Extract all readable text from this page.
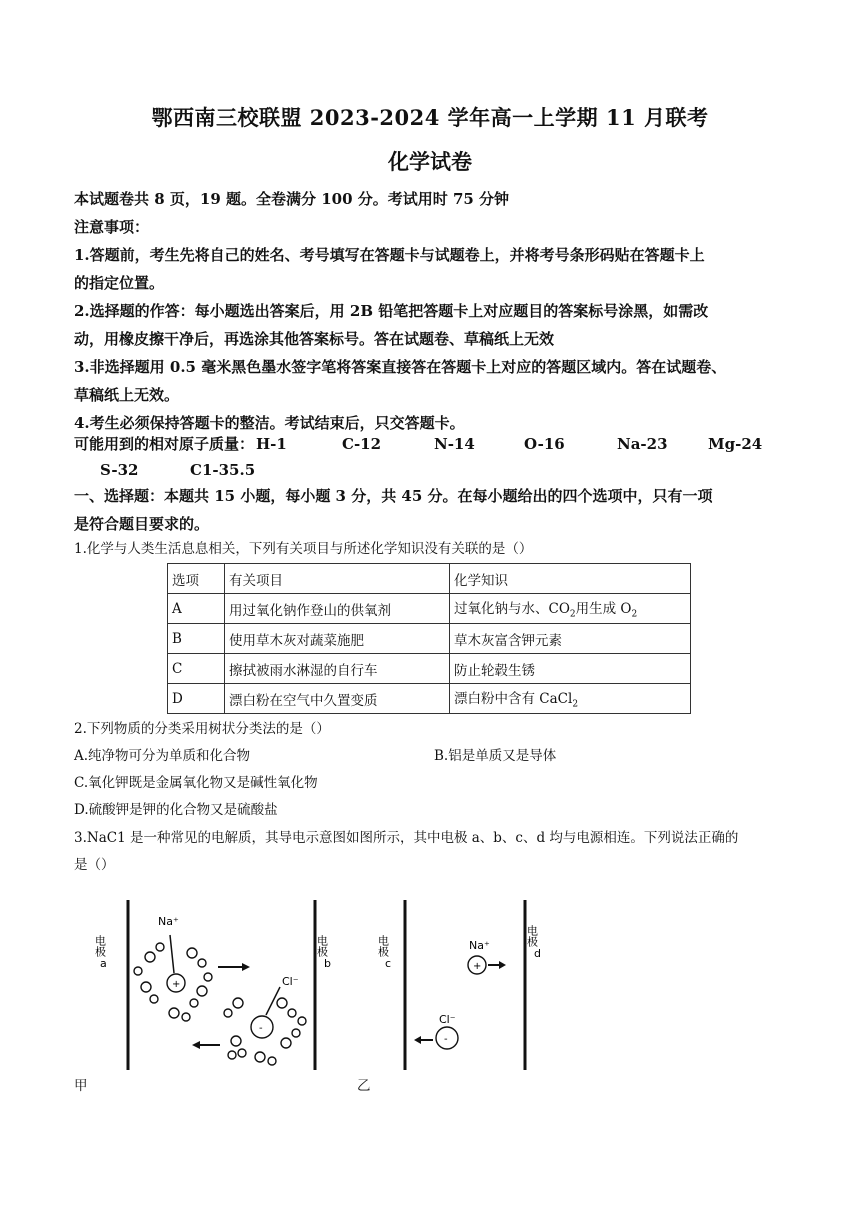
鄂西南三校联盟 2023-2024 学年高一上学期 11 月联考
化学试卷
本试题卷共 8 页，19 题。全卷满分 100 分。考试用时 75 分钟
注意事项：
1.答题前，考生先将自己的姓名、考号填写在答题卡与试题卷上，并将考号条形码贴在答题卡上
的指定位置。
2.选择题的作答：每小题选出答案后，用 2B 铅笔把答题卡上对应题目的答案标号涂黑，如需改
动，用橡皮擦干净后，再选涂其他答案标号。答在试题卷、草稿纸上无效
3.非选择题用 0.5 毫米黑色墨水签字笔将答案直接答在答题卡上对应的答题区域内。答在试题卷、
草稿纸上无效。
4.考生必须保持答题卡的整洁。考试结束后，只交答题卡。
可能用到的相对原子质量： H-1	C-12	N-14	O-16	Na-23	Mg-24
S-32	C1-35.5
一、选择题：本题共 15 小题，每小题 3 分，共 45 分。在每小题给出的四个选项中，只有一项
是符合题目要求的。
1.化学与人类生活息息相关，下列有关项目与所述化学知识没有关联的是（）
选项	有关项目	化学知识
A	用过氧化钠作登山的供氧剂	过氧化钠与水、$CO_2$用生成 $O_2$
B	使用草木灰对蔬菜施肥	草木灰富含钾元素
C	擦拭被雨水淋湿的自行车	防止轮毂生锈
D	漂白粉在空气中久置变质	漂白粉中含有 CaCl$_2$
2.下列物质的分类采用树状分类法的是（）
A.纯净物可分为单质和化合物	B.铝是单质又是导体
C.氧化钾既是金属氧化物又是碱性氧化物
D.硫酸钾是钾的化合物又是硫酸盐
3.NaC1 是一种常见的电解质，其导电示意图如图所示，其中电极 a、b、c、d 均与电源相连。下列说法正确的
是（）
电极
a
电极
b
Na⁺
Cl⁻
+
-
电极
c
电极
d
Na⁺
+
Cl⁻
-
甲	乙
